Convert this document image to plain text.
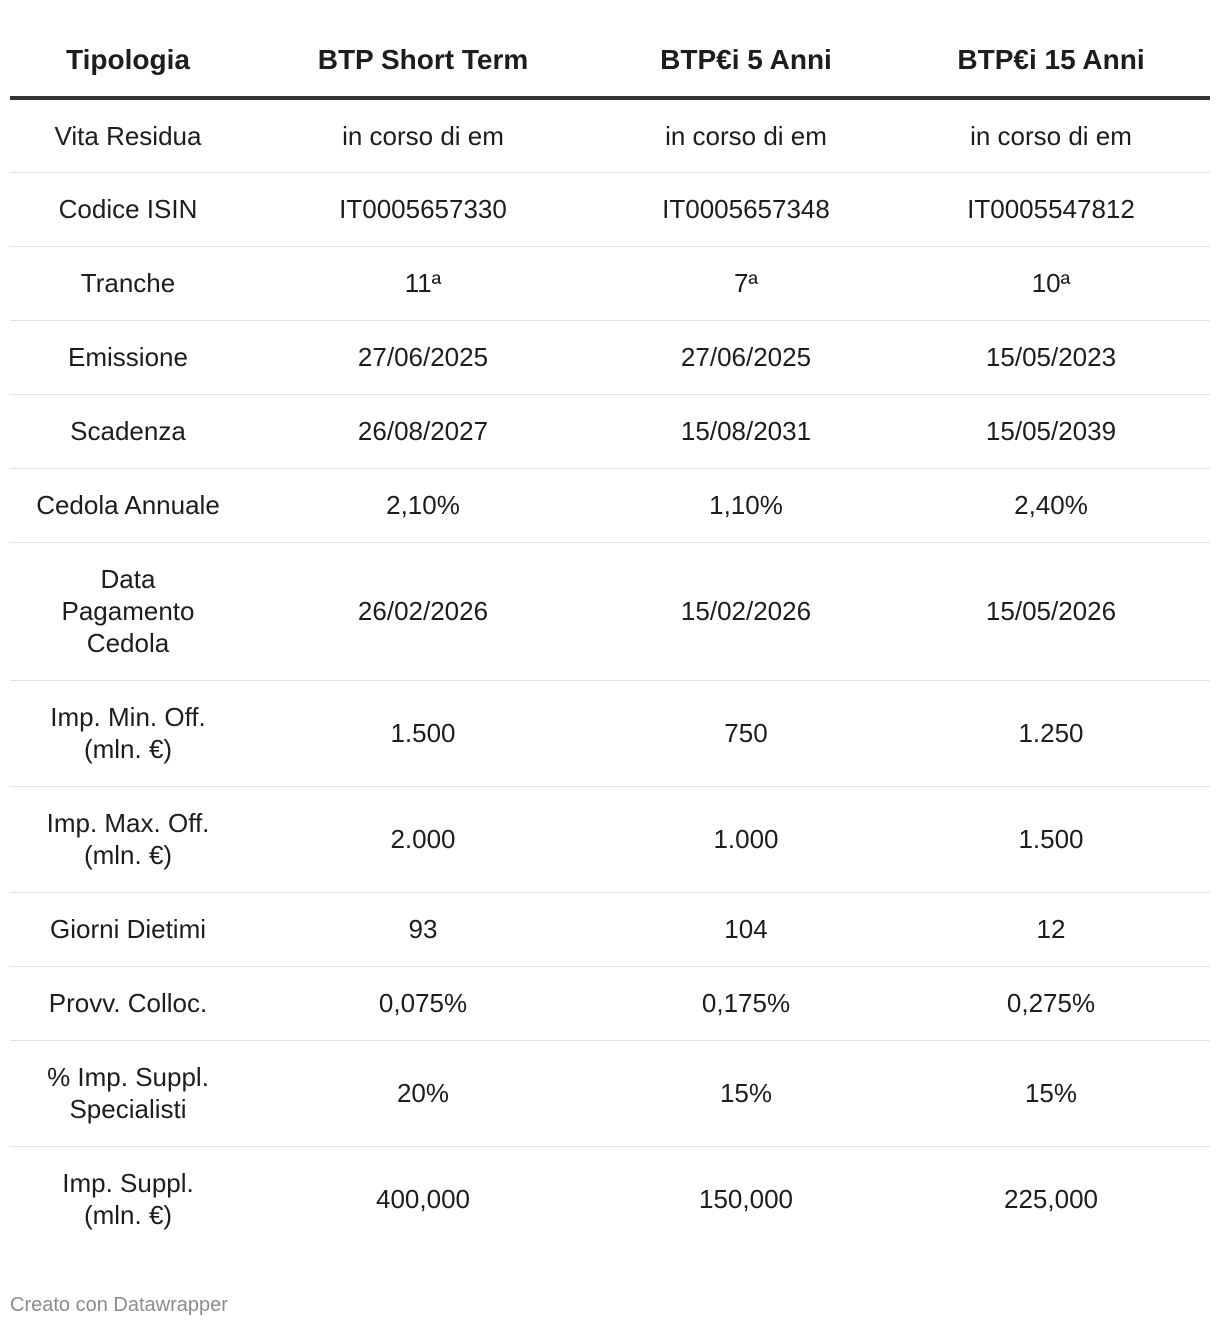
Tipologia	BTP Short Term	BTP€i 5 Anni	BTP€i 15 Anni
Vita Residua	in corso di em	in corso di em	in corso di em
Codice ISIN	IT0005657330	IT0005657348	IT0005547812
Tranche	11ª	7ª	10ª
Emissione	27/06/2025	27/06/2025	15/05/2023
Scadenza	26/08/2027	15/08/2031	15/05/2039
Cedola Annuale	2,10%	1,10%	2,40%
Data
Pagamento
Cedola	26/02/2026	15/02/2026	15/05/2026
Imp. Min. Off.
(mln. €)	1.500	750	1.250
Imp. Max. Off.
(mln. €)	2.000	1.000	1.500
Giorni Dietimi	93	104	12
Provv. Colloc.	0,075%	0,175%	0,275%
% Imp. Suppl.
Specialisti	20%	15%	15%
Imp. Suppl.
(mln. €)	400,000	150,000	225,000
Creato con Datawrapper
